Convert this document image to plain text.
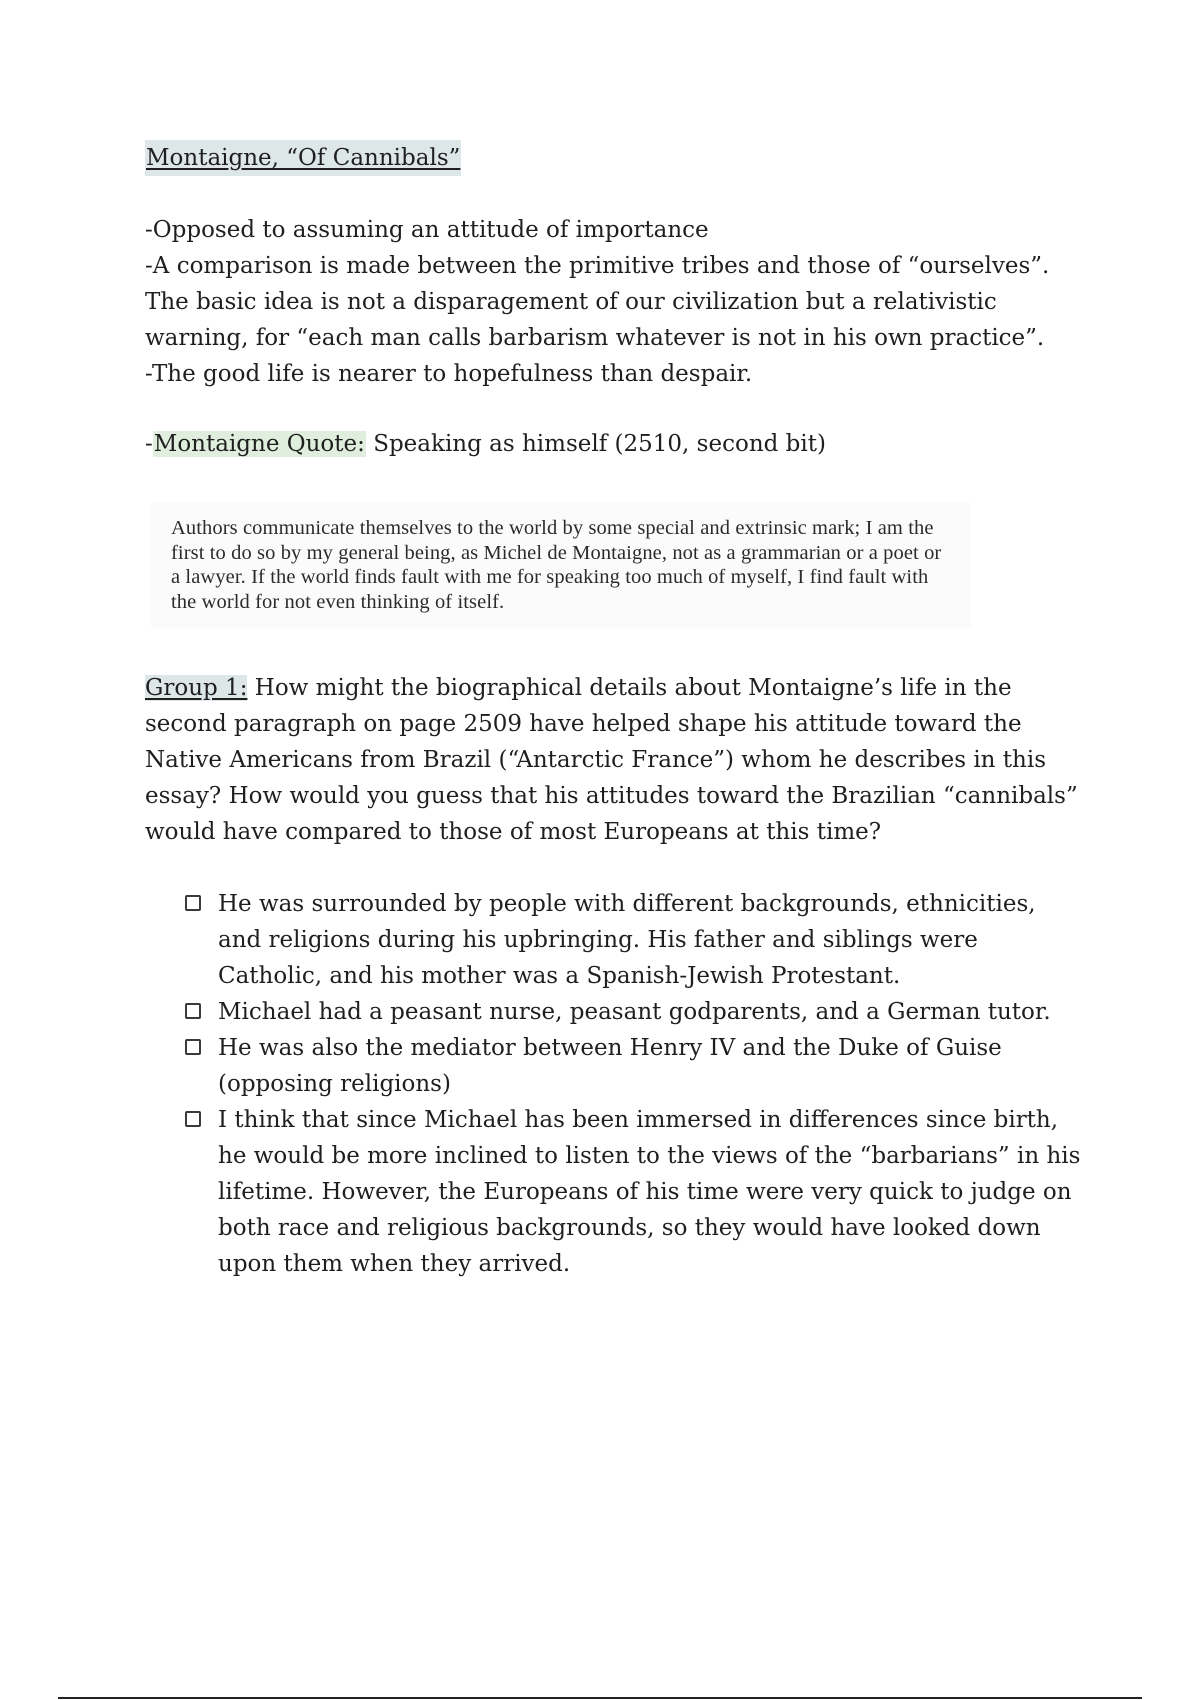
Montaigne, “Of Cannibals”

-Opposed to assuming an attitude of importance

-A comparison is made between the primitive tribes and those of “ourselves”. The basic idea is not a disparagement of our civilization but a relativistic warning, for “each man calls barbarism whatever is not in his own practice”.

-The good life is nearer to hopefulness than despair.

-Montaigne Quote: Speaking as himself (2510, second bit)
Authors communicate themselves to the world by some special and extrinsic mark; I am the first to do so by my general being, as Michel de Montaigne, not as a grammarian or a poet or a lawyer. If the world finds fault with me for speaking too much of myself, I find fault with the world for not even thinking of itself.
Group 1: How might the biographical details about Montaigne’s life in the second paragraph on page 2509 have helped shape his attitude toward the Native Americans from Brazil (“Antarctic France”) whom he describes in this essay? How would you guess that his attitudes toward the Brazilian “cannibals” would have compared to those of most Europeans at this time?
He was surrounded by people with different backgrounds, ethnicities, and religions during his upbringing. His father and siblings were Catholic, and his mother was a Spanish-Jewish Protestant.
Michael had a peasant nurse, peasant godparents, and a German tutor.
He was also the mediator between Henry IV and the Duke of Guise (opposing religions)
I think that since Michael has been immersed in differences since birth, he would be more inclined to listen to the views of the “barbarians” in his lifetime. However, the Europeans of his time were very quick to judge on both race and religious backgrounds, so they would have looked down upon them when they arrived.
